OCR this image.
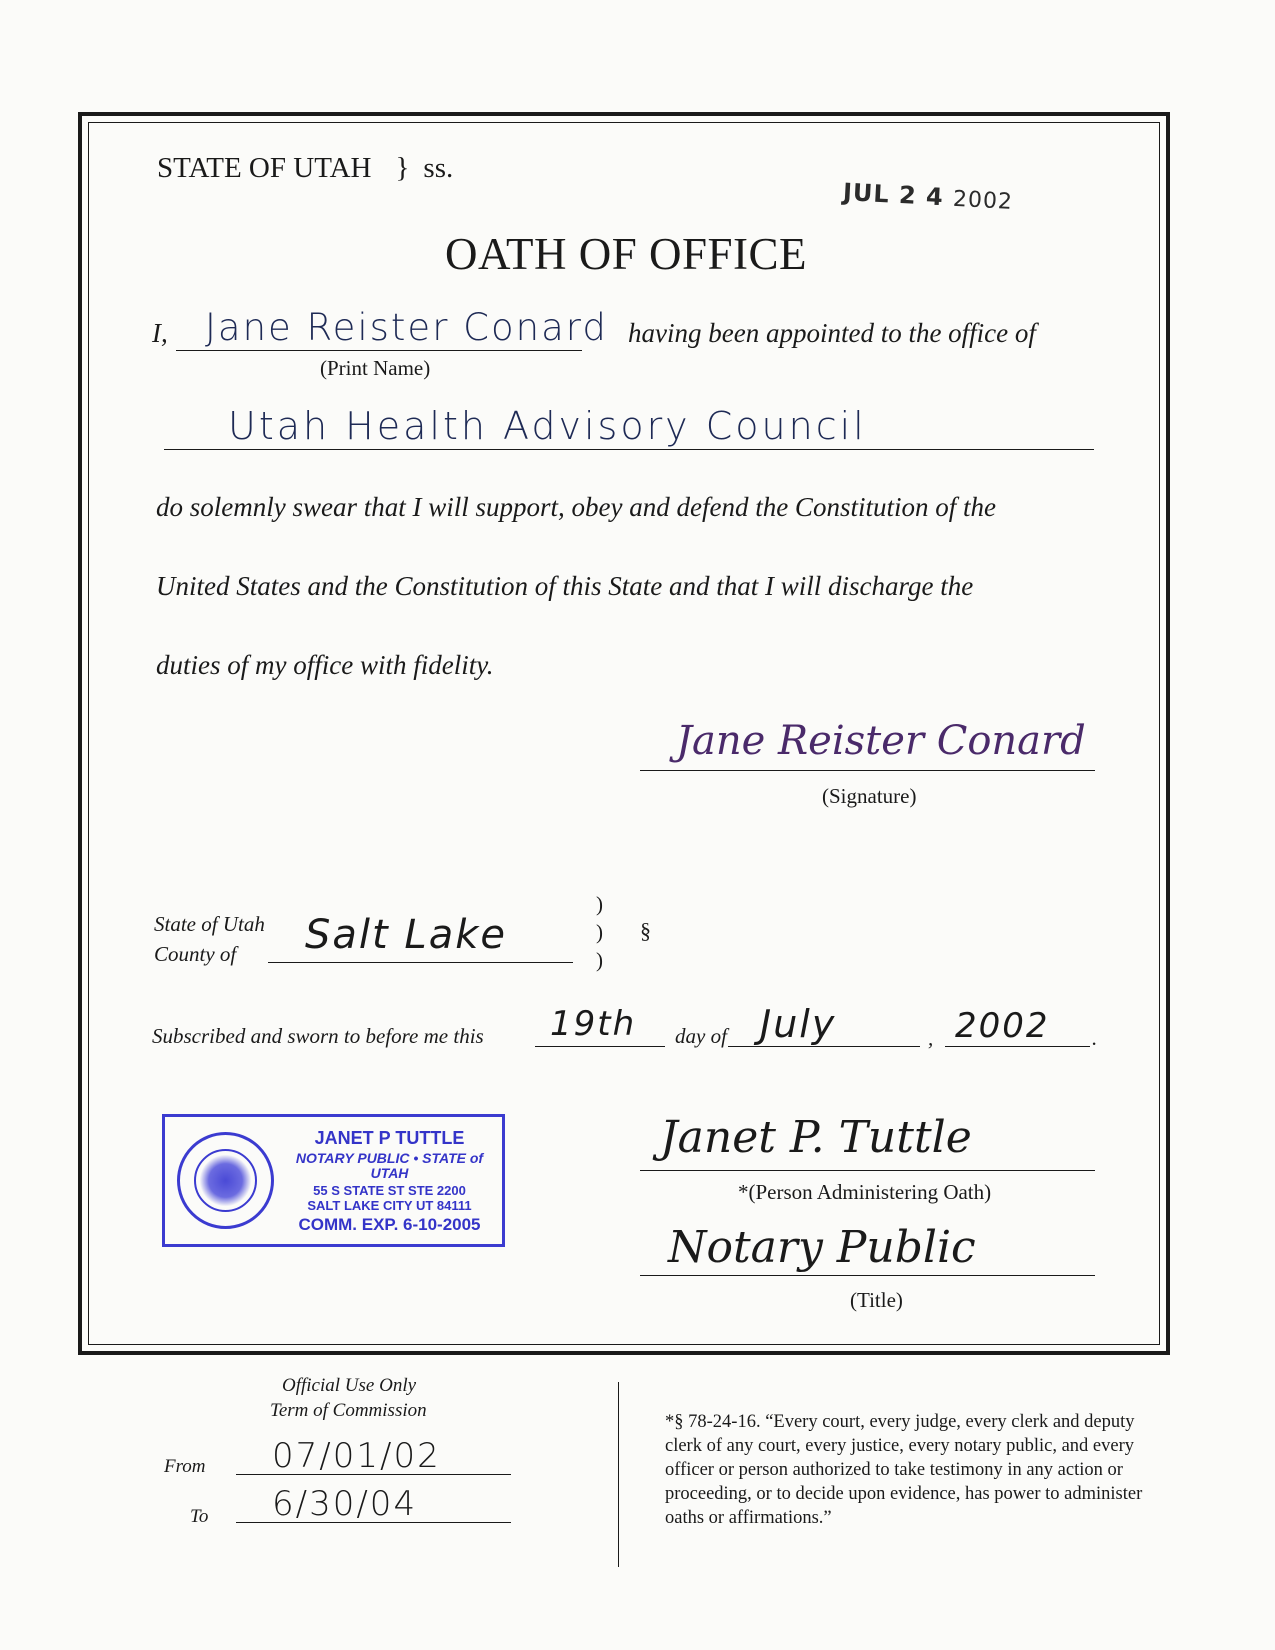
STATE OF UTAH } ss.
JUL 2 4 2002
OATH OF OFFICE
I, Jane Reister Conard
(Print Name)
having been appointed to the office of
Utah Health Advisory Council
do solemnly swear that I will support, obey and defend the Constitution of the
United States and the Constitution of this State and that I will discharge the
duties of my office with fidelity.
Jane Reister Conard
(Signature)
State of Utah
County of Salt Lake
)
)
)
§
Subscribed and sworn to before me this 19th day of July	, 2002 .
JANET P TUTTLE
NOTARY PUBLIC • STATE of UTAH
55 S STATE ST STE 2200
SALT LAKE CITY UT 84111
COMM. EXP. 6-10-2005
Janet P. Tuttle
*(Person Administering Oath)
Notary Public
(Title)
Official Use Only
Term of Commission
From 07/01/02
To 6/30/04
*§ 78-24-16. “Every court, every judge, every clerk and deputy clerk of any court, every justice, every notary public, and every officer or person authorized to take testimony in any action or proceeding, or to decide upon evidence, has power to administer oaths or affirmations.”
